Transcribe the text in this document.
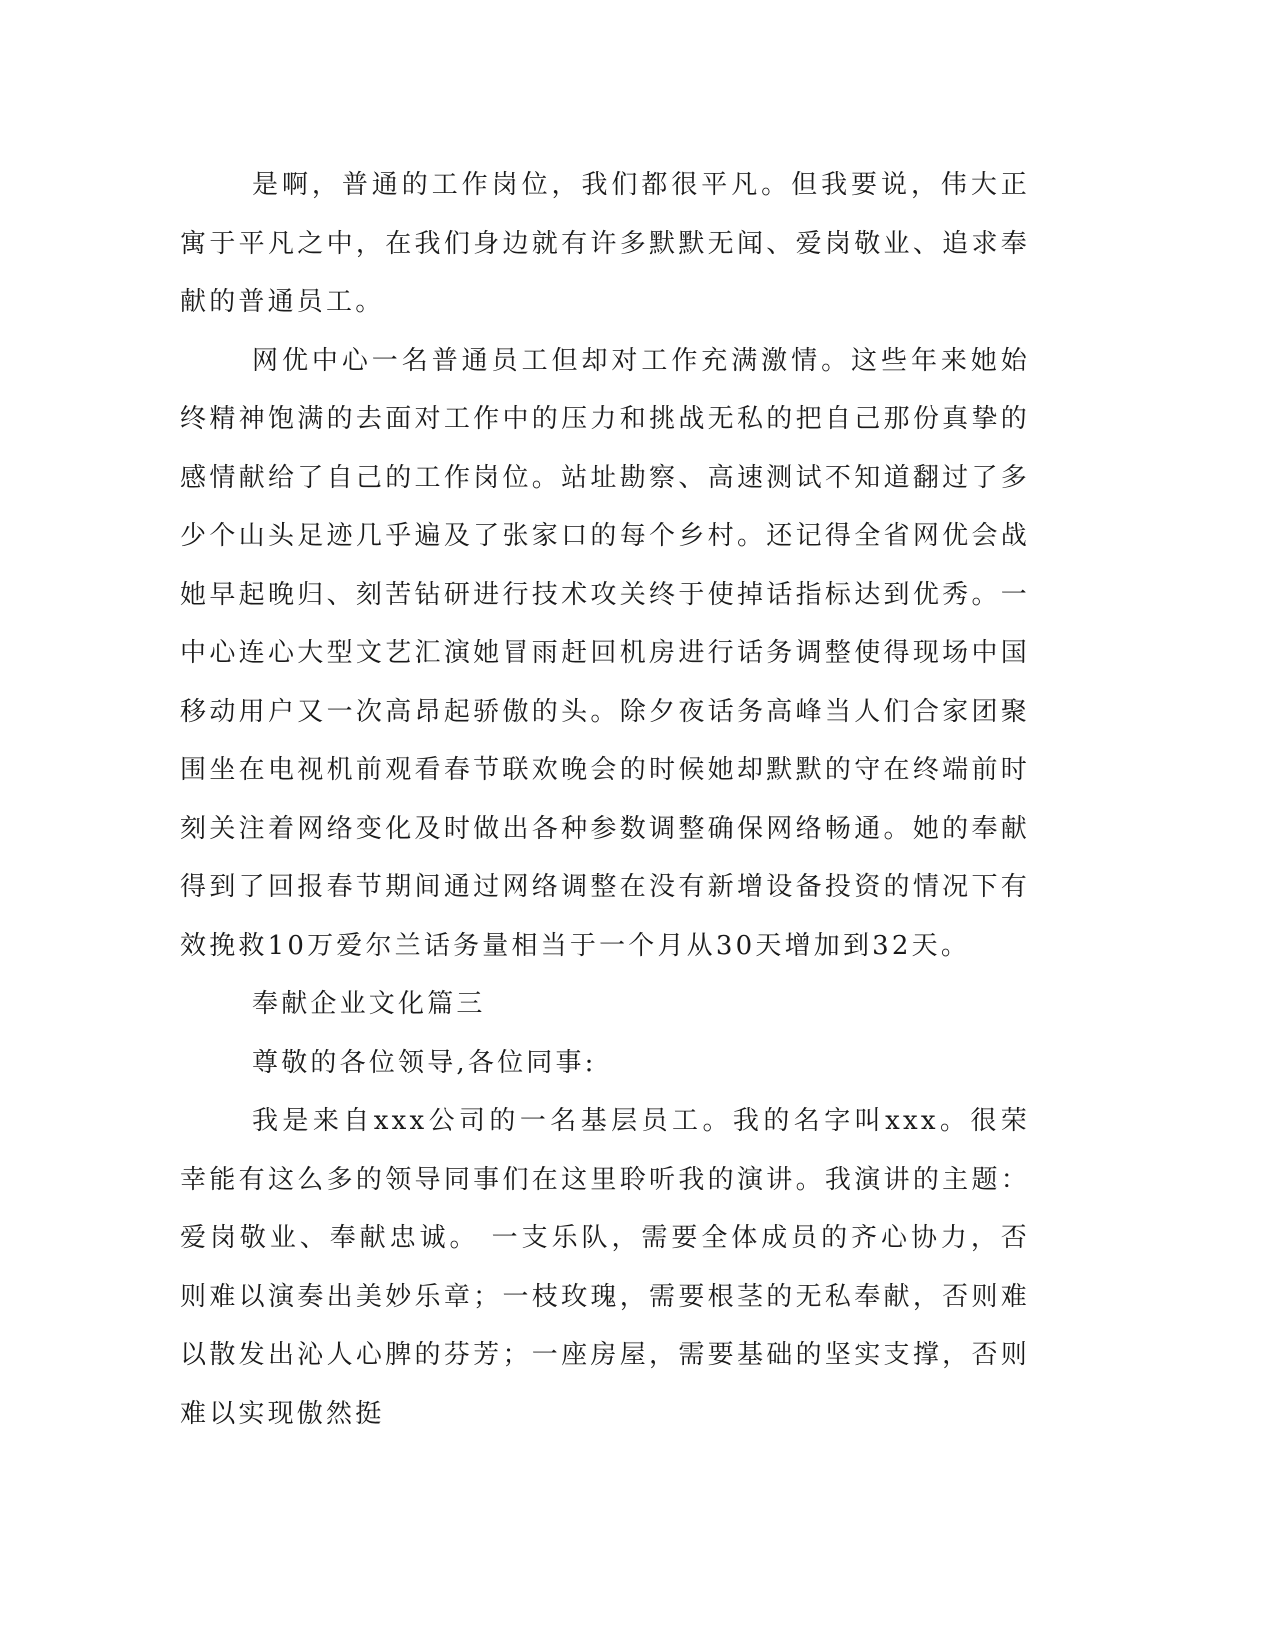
是啊，普通的工作岗位，我们都很平凡。但我要说，伟大正寓于平凡之中，在我们身边就有许多默默无闻、爱岗敬业、追求奉献的普通员工。

网优中心一名普通员工但却对工作充满激情。这些年来她始终精神饱满的去面对工作中的压力和挑战无私的把自己那份真挚的感情献给了自己的工作岗位。站址勘察、高速测试不知道翻过了多少个山头足迹几乎遍及了张家口的每个乡村。还记得全省网优会战她早起晚归、刻苦钻研进行技术攻关终于使掉话指标达到优秀。一中心连心大型文艺汇演她冒雨赶回机房进行话务调整使得现场中国移动用户又一次高昂起骄傲的头。除夕夜话务高峰当人们合家团聚围坐在电视机前观看春节联欢晚会的时候她却默默的守在终端前时刻关注着网络变化及时做出各种参数调整确保网络畅通。她的奉献得到了回报春节期间通过网络调整在没有新增设备投资的情况下有效挽救10万爱尔兰话务量相当于一个月从30天增加到32天。

奉献企业文化篇三

尊敬的各位领导,各位同事:

我是来自xxx公司的一名基层员工。我的名字叫xxx。很荣幸能有这么多的领导同事们在这里聆听我的演讲。我演讲的主题：爱岗敬业、奉献忠诚。 一支乐队，需要全体成员的齐心协力，否则难以演奏出美妙乐章；一枝玫瑰，需要根茎的无私奉献，否则难以散发出沁人心脾的芬芳；一座房屋，需要基础的坚实支撑，否则难以实现傲然挺
